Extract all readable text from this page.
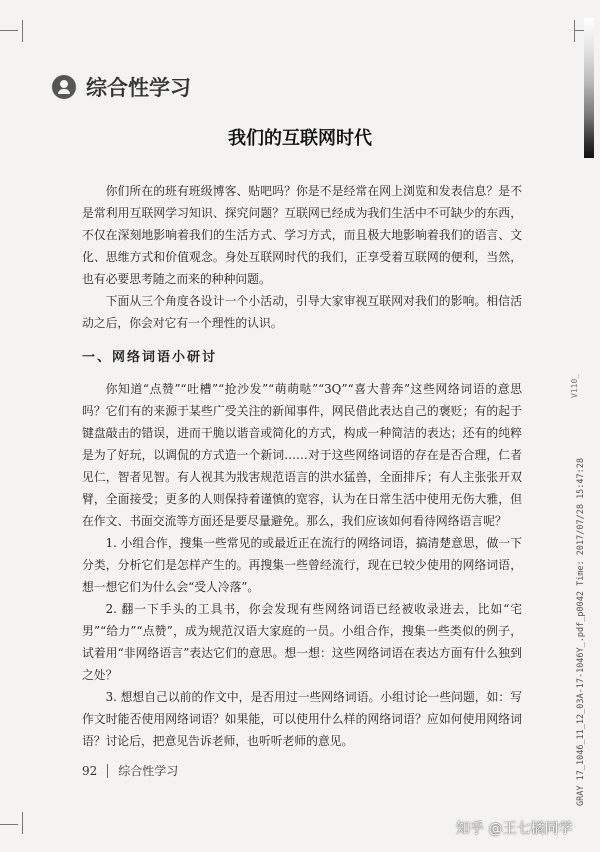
综合性学习
我们的互联网时代

你们所在的班有班级博客、贴吧吗？你是不是经常在网上浏览和发表信息？是不是常利用互联网学习知识、探究问题？互联网已经成为我们生活中不可缺少的东西，不仅在深刻地影响着我们的生活方式、学习方式，而且极大地影响着我们的语言、文化、思维方式和价值观念。身处互联网时代的我们，正享受着互联网的便利，当然，也有必要思考随之而来的种种问题。

下面从三个角度各设计一个小活动，引导大家审视互联网对我们的影响。相信活动之后，你会对它有一个理性的认识。

一、网络词语小研讨

你知道“点赞”“吐槽”“抢沙发”“萌萌哒”“3Q”“喜大普奔”这些网络词语的意思吗？它们有的来源于某些广受关注的新闻事件，网民借此表达自己的褒贬；有的起于键盘敲击的错误，进而干脆以谐音或简化的方式，构成一种简洁的表达；还有的纯粹是为了好玩，以调侃的方式造一个新词……对于这些网络词语的存在是否合理，仁者见仁，智者见智。有人视其为戕害规范语言的洪水猛兽，全面排斥；有人主张张开双臂，全面接受；更多的人则保持着谨慎的宽容，认为在日常生活中使用无伤大雅，但在作文、书面交流等方面还是要尽量避免。那么，我们应该如何看待网络语言呢？

1. 小组合作，搜集一些常见的或最近正在流行的网络词语，搞清楚意思，做一下分类，分析它们是怎样产生的。再搜集一些曾经流行，现在已较少使用的网络词语，想一想它们为什么会“受人冷落”。

2. 翻一下手头的工具书，你会发现有些网络词语已经被收录进去，比如“宅男”“给力”“点赞”，成为规范汉语大家庭的一员。小组合作，搜集一些类似的例子，试着用“非网络语言”表达它们的意思。想一想：这些网络词语在表达方面有什么独到之处？

3. 想想自己以前的作文中，是否用过一些网络词语。小组讨论一些问题，如：写作文时能否使用网络词语？如果能，可以使用什么样的网络词语？应如何使用网络词语？讨论后，把意见告诉老师，也听听老师的意见。

92 综合性学习
V110_
GRAY 17_1046_11_12_03A-17-1046Y_.pdf_p0042 Time: 2017/07/28 15:47:28
知乎 @王七橘同学
